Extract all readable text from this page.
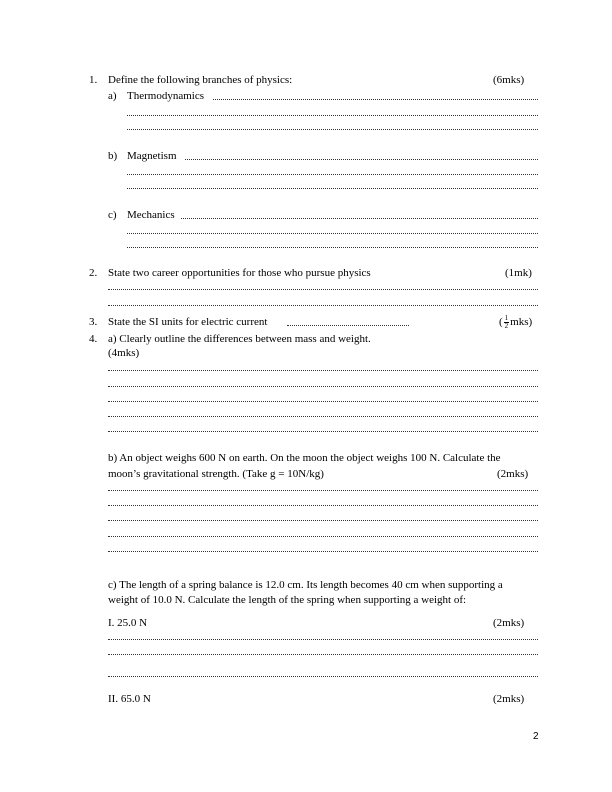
1. Define the following branches of physics:	(6mks)
a) Thermodynamics
b) Magnetism
c) Mechanics
2. State two career opportunities for those who pursue physics	(1mk)
3. State the SI units for electric current	( $\frac{1}{2} mks$)
4. a) Clearly outline the differences between mass and weight.
(4mks)
b) An object weighs 600 N on earth. On the moon the object weighs 100 N. Calculate the
moon’s gravitational strength. (Take g = 10N/kg)	(2mks)
c) The length of a spring balance is 12.0 cm. Its length becomes 40 cm when supporting a
weight of 10.0 N. Calculate the length of the spring when supporting a weight of:
I. 25.0 N	(2mks)
II. 65.0 N	(2mks)
2
